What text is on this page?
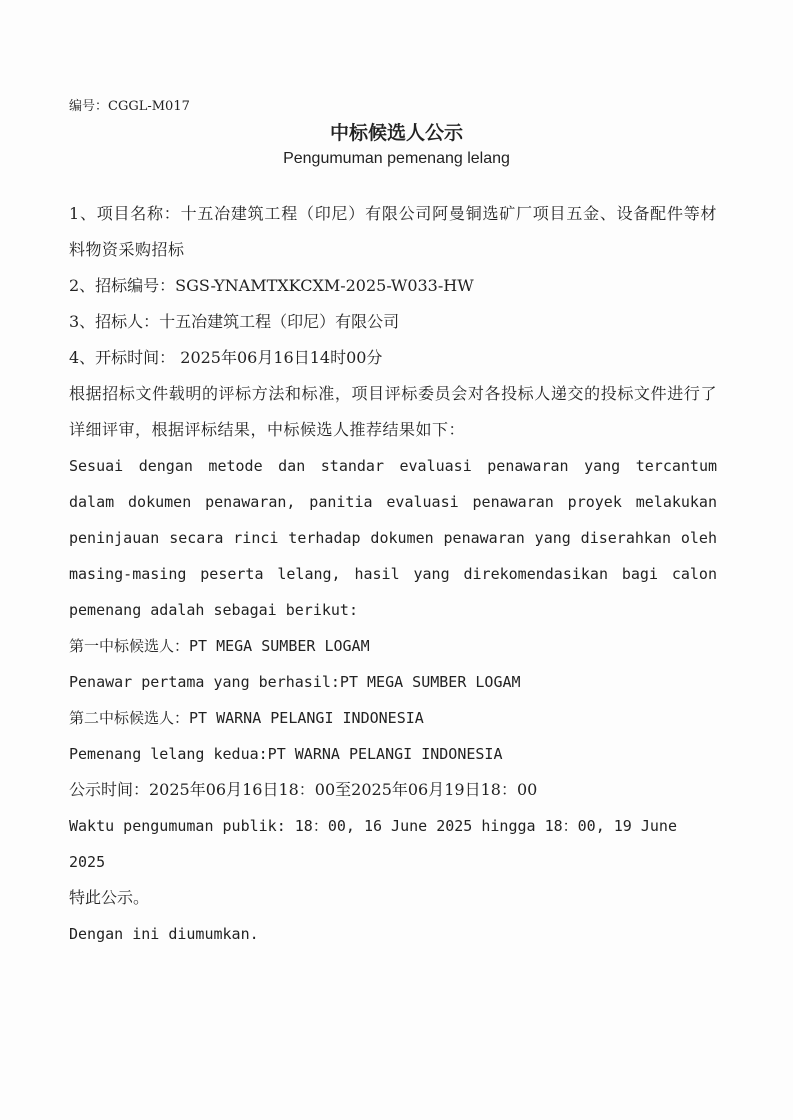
编号：CGGL-M017
中标候选人公示
Pengumuman pemenang lelang

1、项目名称：十五冶建筑工程（印尼）有限公司阿曼铜选矿厂项目五金、设备配件等材料物资采购招标

2、招标编号：SGS-YNAMTXKCXM-2025-W033-HW

3、招标人：十五冶建筑工程（印尼）有限公司

4、开标时间： 2025年06月16日14时00分

根据招标文件载明的评标方法和标准，项目评标委员会对各投标人递交的投标文件进行了详细评审，根据评标结果，中标候选人推荐结果如下：

Sesuai dengan metode dan standar evaluasi penawaran yang tercantum dalam dokumen penawaran, panitia evaluasi penawaran proyek melakukan peninjauan secara rinci terhadap dokumen penawaran yang diserahkan oleh masing-masing peserta lelang, hasil yang direkomendasikan bagi calon pemenang adalah sebagai berikut:

第一中标候选人：PT MEGA SUMBER LOGAM

Penawar pertama yang berhasil:PT MEGA SUMBER LOGAM

第二中标候选人：PT WARNA PELANGI INDONESIA

Pemenang lelang kedua:PT WARNA PELANGI INDONESIA

公示时间：2025年06月16日18：00至2025年06月19日18：00

Waktu pengumuman publik: 18：00, 16 June 2025 hingga 18：00, 19 June 2025

特此公示。

Dengan ini diumumkan.
